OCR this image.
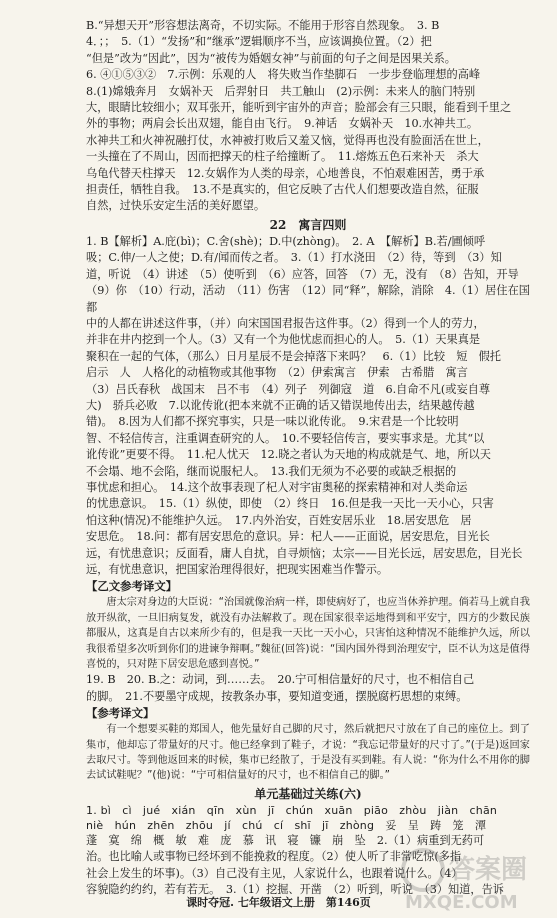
B.“异想天开”形容想法离奇，不切实际。不能用于形容自然现象。　3. B

4．；；　5.（1）“发扬”和“继承”逻辑顺序不当，应该调换位置。（2）把

“但是”改为“因此”，因为“被传为婚姻女神”与前面的句子之间是因果关系。

6. ④①⑤③②　7.示例：乐观的人　将失败当作垫脚石　一步步登临理想的高峰

8.(1)嫦娥奔月　女娲补天　后羿射日　共工触山　(2)示例：未来人的脑门特别

大，眼睛比较细小；双耳张开，能听到宇宙外的声音；脸部会有三只眼，能看到千里之

外的事物；两肩会长出双翅，能自由飞行。　9.神话　女娲补天　10.水神共工。

水神共工和火神祝融打仗，水神被打败后又羞又恼，觉得再也没有脸面活在世上，

一头撞在了不周山，因而把撑天的柱子给撞断了。　11.熔炼五色石来补天　杀大

乌龟代替天柱撑天　12.女娲作为人类的母亲，心地善良，不怕艰难困苦，勇于承

担责任，牺牲自我。　13.不是真实的，但它反映了古代人们想要改造自然，征服

自然，过快乐安定生活的美好愿望。

22　寓言四则

1. B【解析】A.庇(bì)；C.舍(shè)；D.中(zhòng)。　2. A　【解析】B.若/圃倾呼

吸；C.伸/一人之使；D.有/闻而传之者。　3.（1）打水浇田　（2）待，等到　（3）知

道，听说　（4）讲述　（5）使听到　（6）应答，回答　（7）无，没有　（8）告知，开导

（9）你　（10）行动，活动　（11）伤害　（12）同“释”，解除，消除　4.（1）居住在国都

中的人都在讲述这件事，（并）向宋国国君报告这件事。（2）得到一个人的劳力，

并非在井内挖到一个人。（3）又有一个为他忧虑而担心的人。　5.（1）天果真是

聚积在一起的气体，（那么）日月星辰不是会掉落下来吗？　6.（1）比较　短　假托

启示　人　人格化的动植物或其他事物　（2）伊索寓言　伊索　古希腊　寓言

（3）吕氏春秋　战国末　吕不韦　（4）列子　列御寇　道　6.自命不凡(或妄自尊

大)　骄兵必败　7.以讹传讹(把本来就不正确的话又错误地传出去，结果越传越

错)。　8.因为人们都不探究事实，只是一味以讹传讹。　9.宋君是一个比较明

智、不轻信传言，注重调查研究的人。　10.不要轻信传言，要实事求是。尤其“以

讹传讹”更要不得。　11.杞人忧天　12.晓之者认为天地的构成就是气、地，所以天

不会塌、地不会陷，继而说服杞人。　13.我们无须为不必要的或缺乏根据的

事忧虑和担心。　14.这个故事表现了杞人对宇宙奥秘的探索精神和对人类命运

的忧患意识。　15.（1）纵使，即使　（2）终日　16.但是我一天比一天小心，只害

怕这种(情况)不能维护久远。　17.内外治安，百姓安居乐业　18.居安思危　居

安思危。　18.问：都有居安思危的意识。异：杞人——正面说，居安思危，目光长

远，有忧患意识；反面看，庸人自扰，自寻烦恼；太宗——目光长远，居安思危，目光长

远，有忧患意识，把国家治理得很好，把现实困难当作警示。

【乙文参考译文】

唐太宗对身边的大臣说：“治国就像治病一样，即使病好了，也应当休养护理。倘若马上就自我放开纵欲，一旦旧病复发，就没有办法解救了。现在国家很幸运地得到和平安宁，四方的少数民族都服从，这真是自古以来所少有的，但是我一天比一天小心，只害怕这种情况不能维护久远，所以我很希望多次听到你们的进谏争辩啊。”魏征(回答)说：“国内国外得到治理安宁，臣不认为这是值得喜悦的，只对陛下居安思危感到喜悦。”

19. B　20. B.之：动词，到……去。　20.宁可相信量好的尺寸，也不相信自己

的脚。　21.不要墨守成规，按教条办事，要知道变通，摆脱腐朽思想的束缚。

【参考译文】

有一个想要买鞋的郑国人，他先量好自己脚的尺寸，然后就把尺寸放在了自己的座位上。到了集市，他却忘了带量好的尺寸。他已经拿到了鞋子，才说：“我忘记带量好的尺寸了。”(于是)返回家去取尺寸。等到他返回来的时候，集市已经散了，于是没有买到鞋。有人说：“你为什么不用你的脚去试试鞋呢？”(他)说：“宁可相信量好的尺寸，也不相信自己的脚。”

单元基础过关练(六)

1. bì　cì　jué　xián　qīn　xùn　jī　chún　xuān　piāo　zhòu　jiàn　chān

niè　hún　zhēn　zhōu　jí　chú　cí　shī　jī　zhòng　妥　呈　踌　笼　潭

蓬　寞　绵　概　敏　难　庞　慕　讯　寝　镰　崩　坠　2.（1）病重到无药可

治。也比喻人或事物已经坏到不能挽救的程度。（2）使人听了非常吃惊(多指

社会上发生的坏事)。（3）自己没有主见，人家说什么，也跟着说什么。（4）

容貌隐约约约，若有若无。　3.（1）挖掘、开凿　（2）听到，听说　（3）知道，告诉

课时夺冠. 七年级语文上册　第146页
答案圈
MXQE.COM
